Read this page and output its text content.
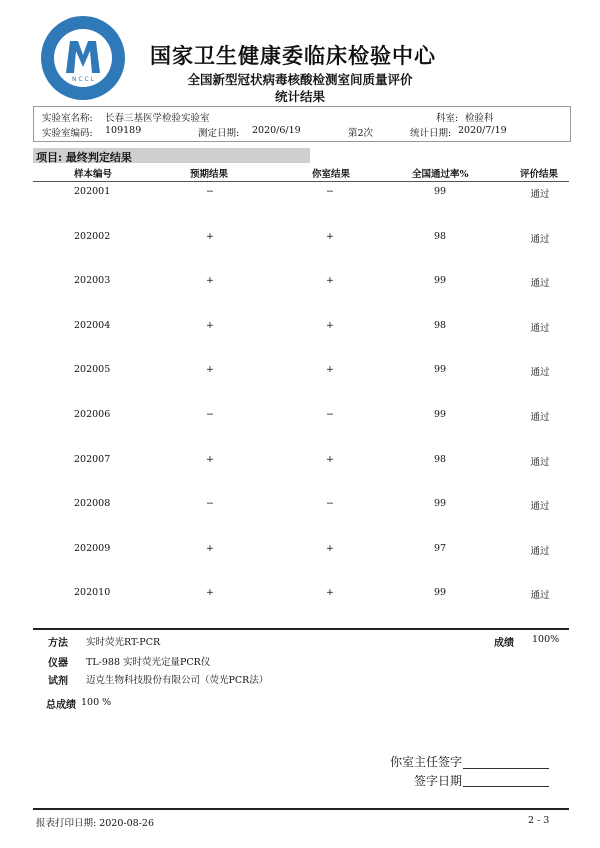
N C C L
国家卫生健康委临床检验中心
全国新型冠状病毒核酸检测室间质量评价
统计结果
实验室名称: 长春三基医学检验实验室	科室: 检验科
实验室编码: 109189	测定日期: 2020/6/19	第2次	统计日期: 2020/7/19
项目: 最终判定结果
样本编号	预期结果	你室结果	全国通过率%	评价结果
202001	−	−	99	通过
202002	+	+	98	通过
202003	+	+	99	通过
202004	+	+	98	通过
202005	+	+	99	通过
202006	−	−	99	通过
202007	+	+	98	通过
202008	−	−	99	通过
202009	+	+	97	通过
202010	+	+	99	通过
方法 实时荧光RT-PCR	成绩 100%
仪器 TL-988 实时荧光定量PCR仪
试剂 迈克生物科技股份有限公司（荧光PCR法）
总成绩 100 %
你室主任签字
签字日期
报表打印日期: 2020-08-26	2 - 3
